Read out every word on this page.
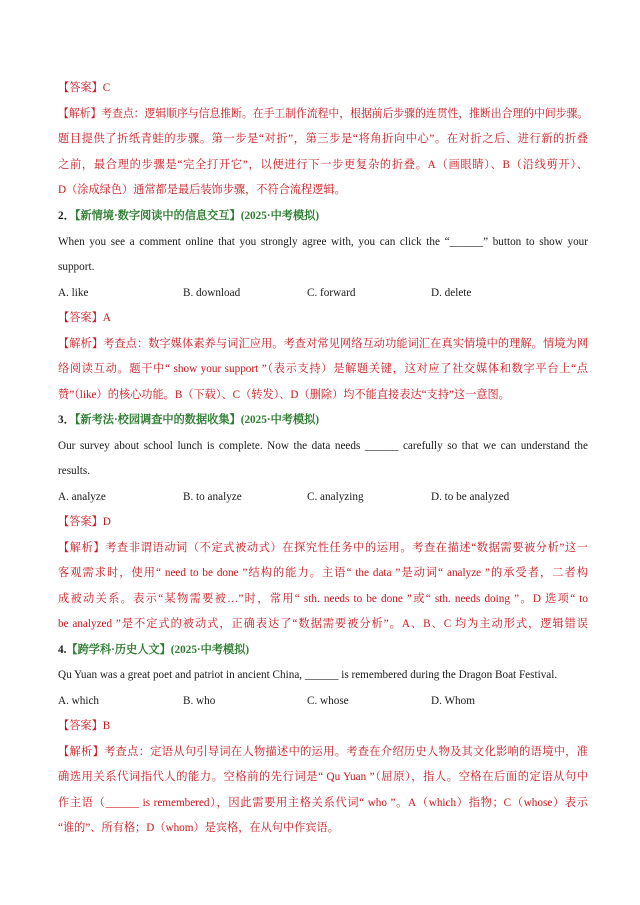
【答案】C
【解析】考查点：逻辑顺序与信息推断。在手工制作流程中，根据前后步骤的连贯性，推断出合理的中间步骤。
题目提供了折纸青蛙的步骤。第一步是“对折”，第三步是“将角折向中心”。在对折之后、进行新的折叠
之前，最合理的步骤是“完全打开它”，以便进行下一步更复杂的折叠。A（画眼睛）、B（沿线剪开）、
D（涂成绿色）通常都是最后装饰步骤，不符合流程逻辑。
2．【新情境·数字阅读中的信息交互】(2025·中考模拟)
When you see a comment online that you strongly agree with, you can click the “______” button to show your
support.
A. like	B. download	C. forward	D. delete
【答案】A
【解析】考查点：数字媒体素养与词汇应用。考查对常见网络互动功能词汇在真实情境中的理解。情境为网
络阅读互动。题干中“ show your support ”（表示支持）是解题关键，这对应了社交媒体和数字平台上“点
赞”（like）的核心功能。B（下载）、C（转发）、D（删除）均不能直接表达“支持”这一意图。
3．【新考法·校园调查中的数据收集】(2025·中考模拟)
Our survey about school lunch is complete. Now the data needs ______ carefully so that we can understand the
results.
A. analyze	B. to analyze	C. analyzing	D. to be analyzed
【答案】D
【解析】考查非谓语动词（不定式被动式）在探究性任务中的运用。考查在描述“数据需要被分析”这一
客观需求时，使用“ need to be done ”结构的能力。主语“ the data ”是动词“ analyze ”的承受者，二者构
成被动关系。表示“某物需要被…”时，常用“ sth. needs to be done ”或“ sth. needs doing ”。D 选项“ to
be analyzed ”是不定式的被动式，正确表达了“数据需要被分析”。A、B、C 均为主动形式，逻辑错误
4.【跨学科·历史人文】(2025·中考模拟)
Qu Yuan was a great poet and patriot in ancient China, ______ is remembered during the Dragon Boat Festival.
A. which	B. who	C. whose	D. Whom
【答案】B
【解析】考查点：定语从句引导词在人物描述中的运用。考查在介绍历史人物及其文化影响的语境中，准
确选用关系代词指代人的能力。空格前的先行词是“ Qu Yuan ”（屈原），指人。空格在后面的定语从句中
作主语（______ is remembered），因此需要用主格关系代词“ who ”。A（which）指物；C（whose）表示
“谁的”、所有格；D（whom）是宾格，在从句中作宾语。
